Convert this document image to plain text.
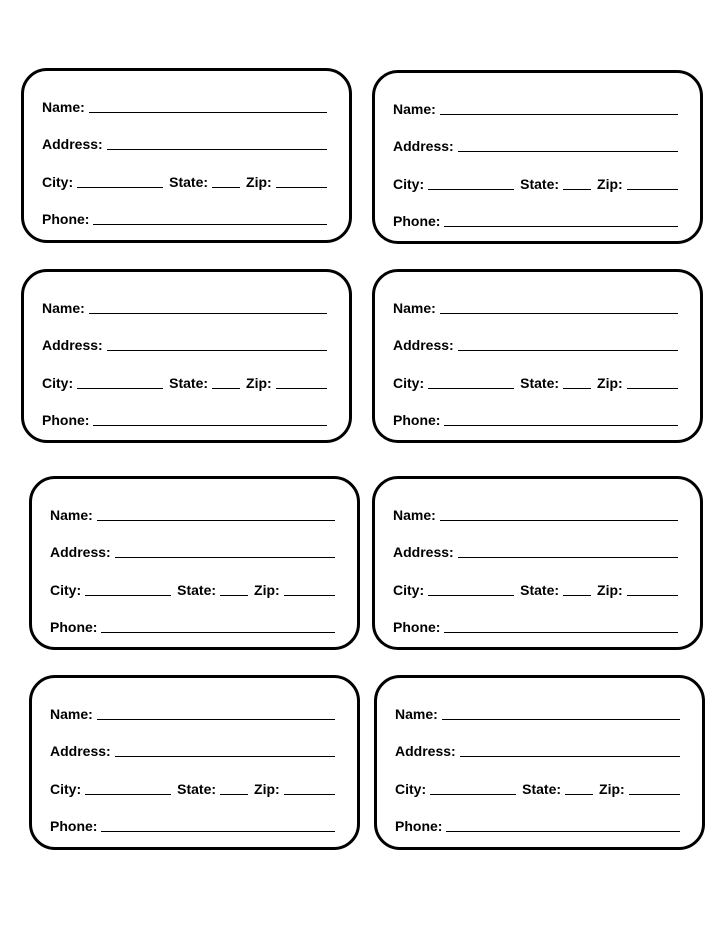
Name:
Address:
City:	State:	Zip:
Phone:
Name:
Address:
City:	State:	Zip:
Phone:
Name:
Address:
City:	State:	Zip:
Phone:
Name:
Address:
City:	State:	Zip:
Phone:
Name:
Address:
City:	State:	Zip:
Phone:
Name:
Address:
City:	State:	Zip:
Phone:
Name:
Address:
City:	State:	Zip:
Phone:
Name:
Address:
City:	State:	Zip:
Phone:
